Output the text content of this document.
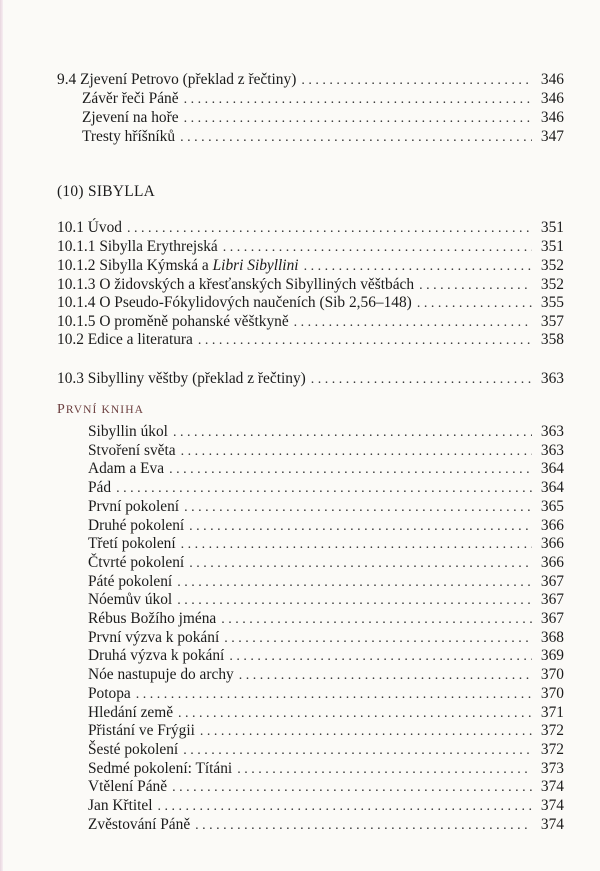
9.4 Zjevení Petrovo (překlad z řečtiny) . . .	346
Závěr řeči Páně . . .	346
Zjevení na hoře . . .	346
Tresty hříšníků . . .	347
(10) SIBYLLA
10.1 Úvod . . .	351
10.1.1 Sibylla Erythrejská . . .	351
10.1.2 Sibylla Kýmská a Libri Sibyllini . . .	352
10.1.3 O židovských a křesťanských Sibylliných věštbách . . .	352
10.1.4 O Pseudo-Fókylidových naučeních (Sib 2,56–148) . . .	355
10.1.5 O proměně pohanské věštkyně . . .	357
10.2 Edice a literatura . . .	358
10.3 Sibylliny věštby (překlad z řečtiny) . . .	363
PRVNÍ KNIHA
Sibyllin úkol . . .	363
Stvoření světa . . .	363
Adam a Eva . . .	364
Pád . . .	364
První pokolení . . .	365
Druhé pokolení . . .	366
Třetí pokolení . . .	366
Čtvrté pokolení . . .	366
Páté pokolení . . .	367
Nóemův úkol . . .	367
Rébus Božího jména . . .	367
První výzva k pokání . . .	368
Druhá výzva k pokání . . .	369
Nóe nastupuje do archy . . .	370
Potopa . . .	370
Hledání země . . .	371
Přistání ve Frýgii . . .	372
Šesté pokolení . . .	372
Sedmé pokolení: Títáni . . .	373
Vtělení Páně . . .	374
Jan Křtitel . . .	374
Zvěstování Páně . . .	374
